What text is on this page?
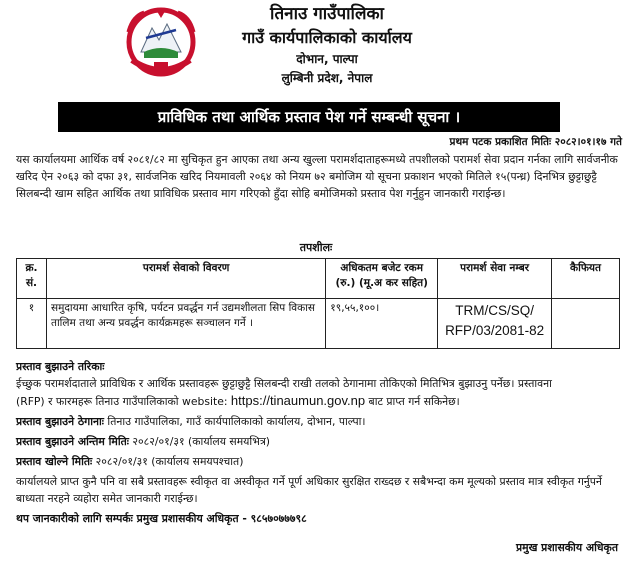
तिनाउ गाउँपालिका
गाउँ कार्यपालिकाको कार्यालय
दोभान, पाल्पा
लुम्बिनी प्रदेश, नेपाल
प्राविधिक तथा आर्थिक प्रस्ताव पेश गर्ने सम्बन्धी सूचना ।
प्रथम पटक प्रकाशित मितिः २०८२।०१।१७ गते
यस कार्यालयमा आर्थिक वर्ष २०८१/८२ मा सुचिकृत हुन आएका तथा अन्य खुल्ला परामर्शदाताहरूमध्ये तपशीलको परामर्श सेवा प्रदान गर्नका लागि सार्वजनीक खरिद ऐन २०६३ को दफा ३१, सार्वजनिक खरिद नियमावली २०६४ को नियम ७२ बमोजिम यो सूचना प्रकाशन भएको मितिले १५(पन्ध्र) दिनभित्र छुट्टाछुट्टै सिलबन्दी खाम सहित आर्थिक तथा प्राविधिक प्रस्ताव माग गरिएको हुँदा सोहि बमोजिमको प्रस्ताव पेश गर्नुहुन जानकारी गराईन्छ।
तपशीलः
क्र. सं.	परामर्श सेवाको विवरण	अधिकतम बजेट रकम (रु.) (मू.अ कर सहित)	परामर्श सेवा नम्बर	कैफियत
१	समुदायमा आधारित कृषि, पर्यटन प्रवर्द्धन गर्न उद्यमशीलता सिप विकास तालिम तथा अन्य प्रवर्द्धन कार्यक्रमहरू सञ्चालन गर्ने ।	१९,५५,१००।	TRM/CS/SQ/
RFP/03/2081-82	

प्रस्ताव बुझाउने तरिकाः

ईच्छुक परामर्शदाताले प्राविधिक र आर्थिक प्रस्तावहरू छुट्टाछुट्टै सिलबन्दी राखी तलको ठेगानामा तोकिएको मितिभित्र बुझाउनु पर्नेछ। प्रस्तावना

(RFP) र फारमहरू तिनाउ गाउँपालिकाको website: https://tinaumun.gov.np बाट प्राप्त गर्न सकिनेछ।

प्रस्ताव बुझाउने ठेगानाः तिनाउ गाउँपालिका, गाउँ कार्यपालिकाको कार्यालय, दोभान, पाल्पा।

प्रस्ताव बुझाउने अन्तिम मितिः २०८२/०१/३१ (कार्यालय समयभित्र)

प्रस्ताव खोल्ने मितिः २०८२/०१/३१ (कार्यालय समयपश्चात)

कार्यालयले प्राप्त कुनै पनि वा सबै प्रस्तावहरू स्वीकृत वा अस्वीकृत गर्ने पूर्ण अधिकार सुरक्षित राख्दछ र सबैभन्दा कम मूल्यको प्रस्ताव मात्र स्वीकृत गर्नुपर्ने बाध्यता नरहने व्यहोरा समेत जानकारी गराईन्छ।

थप जानकारीको लागि सम्पर्कः प्रमुख प्रशासकीय अधिकृत - ९८५७०७७७९८

प्रमुख प्रशासकीय अधिकृत
